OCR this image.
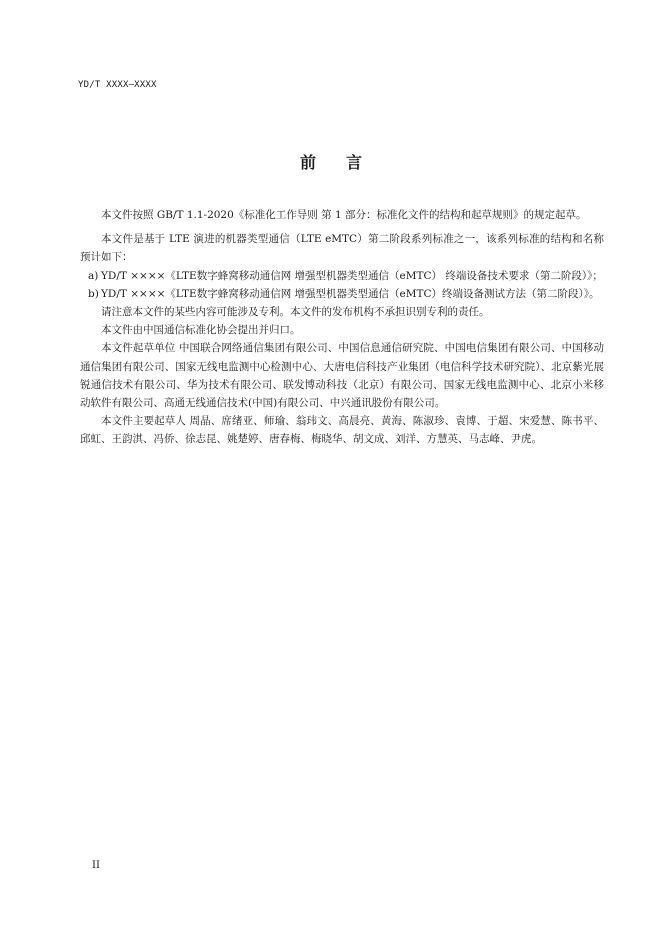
YD/T XXXX—XXXX
前言

本文件按照 GB/T 1.1-2020《标准化工作导则 第 1 部分：标准化文件的结构和起草规则》的规定起草。

本文件是基于 LTE 演进的机器类型通信（LTE eMTC）第二阶段系列标准之一，该系列标准的结构和名称预计如下：

a) YD/T ××××《LTE数字蜂窝移动通信网 增强型机器类型通信（eMTC） 终端设备技术要求（第二阶段）》；

b) YD/T ××××《LTE数字蜂窝移动通信网 增强型机器类型通信（eMTC）终端设备测试方法（第二阶段）》。

请注意本文件的某些内容可能涉及专利。本文件的发布机构不承担识别专利的责任。

本文件由中国通信标准化协会提出并归口。

本文件起草单位 中国联合网络通信集团有限公司、中国信息通信研究院、中国电信集团有限公司、中国移动通信集团有限公司、国家无线电监测中心检测中心、大唐电信科技产业集团（电信科学技术研究院）、北京紫光展锐通信技术有限公司、华为技术有限公司、联发博动科技（北京）有限公司、国家无线电监测中心、北京小米移动软件有限公司、高通无线通信技术(中国)有限公司、中兴通讯股份有限公司。

本文件主要起草人 周晶、席绪亚、师瑜、翁玮文、高晨亮、黄海、陈淑珍、袁博、于超、宋爱慧、陈书平、邱虹、王韵淇、冯侨、徐志昆、姚楚婷、唐春梅、梅晓华、胡文成、刘洋、方慧英、马志峰、尹虎。

II
